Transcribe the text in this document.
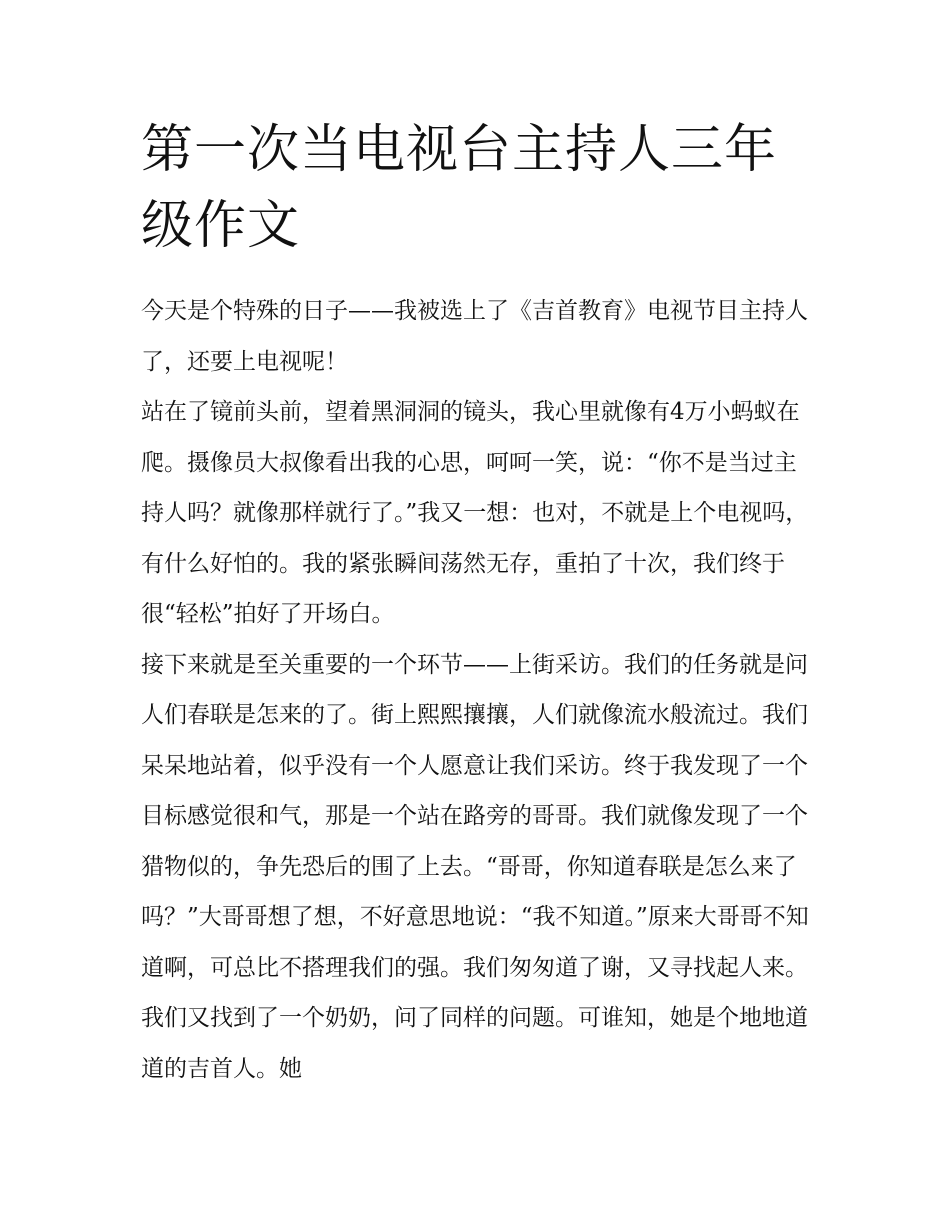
第一次当电视台主持人三年级作文

今天是个特殊的日子——我被选上了《吉首教育》电视节目主持人了，还要上电视呢！

站在了镜前头前，望着黑洞洞的镜头，我心里就像有4万小蚂蚁在爬。摄像员大叔像看出我的心思，呵呵一笑，说：“你不是当过主持人吗？就像那样就行了。”我又一想：也对，不就是上个电视吗，有什么好怕的。我的紧张瞬间荡然无存，重拍了十次，我们终于很“轻松”拍好了开场白。

接下来就是至关重要的一个环节——上街采访。我们的任务就是问人们春联是怎来的了。街上熙熙攘攘，人们就像流水般流过。我们呆呆地站着，似乎没有一个人愿意让我们采访。终于我发现了一个目标感觉很和气，那是一个站在路旁的哥哥。我们就像发现了一个猎物似的，争先恐后的围了上去。“哥哥，你知道春联是怎么来了吗？”大哥哥想了想，不好意思地说：“我不知道。”原来大哥哥不知道啊，可总比不搭理我们的强。我们匆匆道了谢，又寻找起人来。我们又找到了一个奶奶，问了同样的问题。可谁知，她是个地地道道的吉首人。她
